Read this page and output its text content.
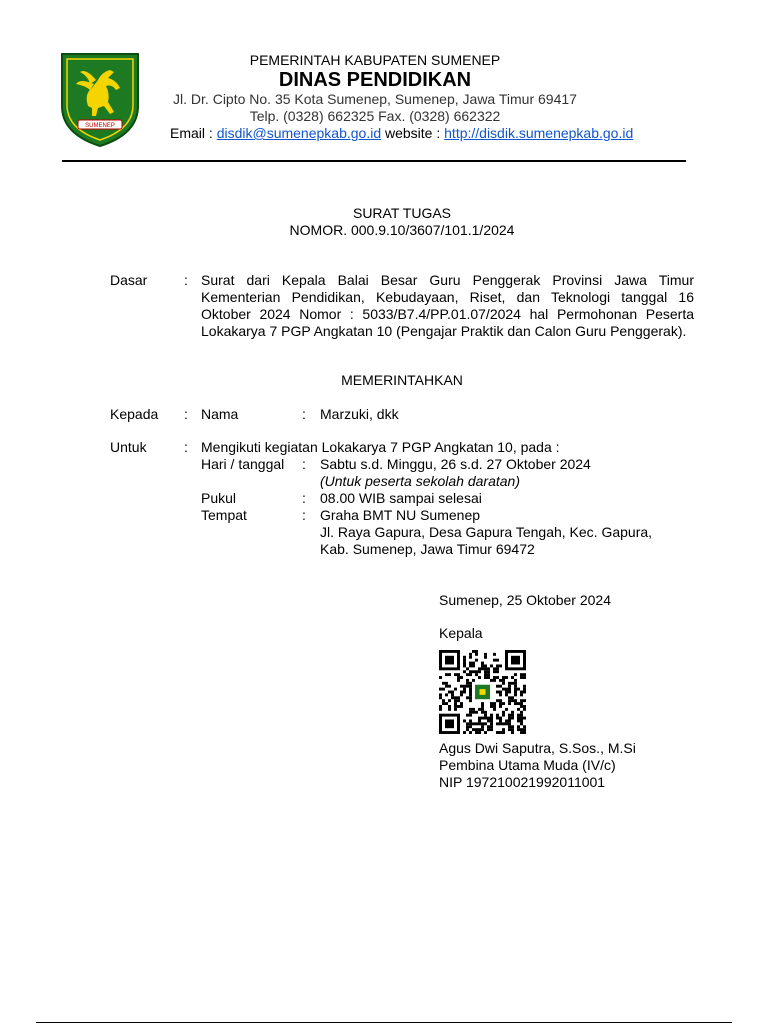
SUMENEP
PEMERINTAH KABUPATEN SUMENEP
DINAS PENDIDIKAN
Jl. Dr. Cipto No. 35 Kota Sumenep, Sumenep, Jawa Timur 69417
Telp. (0328) 662325 Fax. (0328) 662322
Email : disdik@sumenepkab.go.id website : http://disdik.sumenepkab.go.id
SURAT TUGAS
NOMOR. 000.9.10/3607/101.1/2024
Dasar	: Surat dari Kepala Balai Besar Guru Penggerak Provinsi Jawa Timur Kementerian Pendidikan, Kebudayaan, Riset, dan Teknologi tanggal 16 Oktober 2024 Nomor : 5033/B7.4/PP.01.07/2024 hal Permohonan Peserta Lokakarya 7 PGP Angkatan 10 (Pengajar Praktik dan Calon Guru Penggerak).
MEMERINTAHKAN
Kepada : Nama	: Marzuki, dkk
Untuk	: Mengikuti kegiatan Lokakarya 7 PGP Angkatan 10, pada :
Hari / tanggal : Sabtu s.d. Minggu, 26 s.d. 27 Oktober 2024
(Untuk peserta sekolah daratan)
Pukul	: 08.00 WIB sampai selesai
Tempat	: Graha BMT NU Sumenep
Jl. Raya Gapura, Desa Gapura Tengah, Kec. Gapura,
Kab. Sumenep, Jawa Timur 69472
Sumenep, 25 Oktober 2024
Kepala
Agus Dwi Saputra, S.Sos., M.Si
Pembina Utama Muda (IV/c)
NIP 197210021992011001
